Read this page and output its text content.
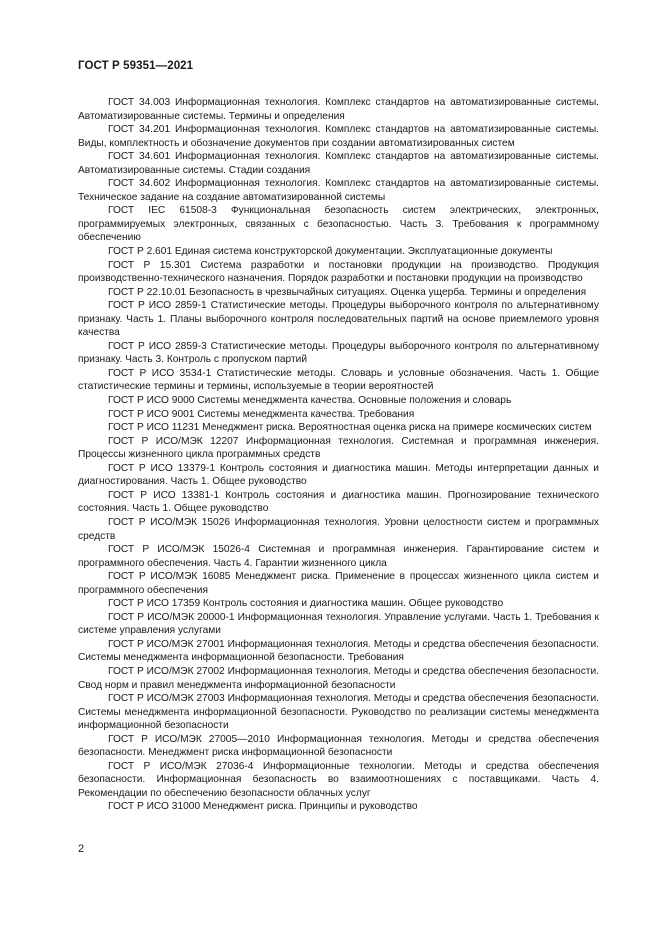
ГОСТ Р 59351—2021

ГОСТ 34.003 Информационная технология. Комплекс стандартов на автоматизированные системы. Автоматизированные системы. Термины и определения

ГОСТ 34.201 Информационная технология. Комплекс стандартов на автоматизированные системы. Виды, комплектность и обозначение документов при создании автоматизированных систем

ГОСТ 34.601 Информационная технология. Комплекс стандартов на автоматизированные системы. Автоматизированные системы. Стадии создания

ГОСТ 34.602 Информационная технология. Комплекс стандартов на автоматизированные системы. Техническое задание на создание автоматизированной системы

ГОСТ IEC 61508-3 Функциональная безопасность систем электрических, электронных, программируемых электронных, связанных с безопасностью. Часть 3. Требования к программному обеспечению

ГОСТ Р 2.601 Единая система конструкторской документации. Эксплуатационные документы

ГОСТ Р 15.301 Система разработки и постановки продукции на производство. Продукция производственно-технического назначения. Порядок разработки и постановки продукции на производство

ГОСТ Р 22.10.01 Безопасность в чрезвычайных ситуациях. Оценка ущерба. Термины и определения

ГОСТ Р ИСО 2859-1 Статистические методы. Процедуры выборочного контроля по альтернативному признаку. Часть 1. Планы выборочного контроля последовательных партий на основе приемлемого уровня качества

ГОСТ Р ИСО 2859-3 Статистические методы. Процедуры выборочного контроля по альтернативному признаку. Часть 3. Контроль с пропуском партий

ГОСТ Р ИСО 3534-1 Статистические методы. Словарь и условные обозначения. Часть 1. Общие статистические термины и термины, используемые в теории вероятностей

ГОСТ Р ИСО 9000 Системы менеджмента качества. Основные положения и словарь

ГОСТ Р ИСО 9001 Системы менеджмента качества. Требования

ГОСТ Р ИСО 11231 Менеджмент риска. Вероятностная оценка риска на примере космических систем

ГОСТ Р ИСО/МЭК 12207 Информационная технология. Системная и программная инженерия. Процессы жизненного цикла программных средств

ГОСТ Р ИСО 13379-1 Контроль состояния и диагностика машин. Методы интерпретации данных и диагностирования. Часть 1. Общее руководство

ГОСТ Р ИСО 13381-1 Контроль состояния и диагностика машин. Прогнозирование технического состояния. Часть 1. Общее руководство

ГОСТ Р ИСО/МЭК 15026 Информационная технология. Уровни целостности систем и программных средств

ГОСТ Р ИСО/МЭК 15026-4 Системная и программная инженерия. Гарантирование систем и программного обеспечения. Часть 4. Гарантии жизненного цикла

ГОСТ Р ИСО/МЭК 16085 Менеджмент риска. Применение в процессах жизненного цикла систем и программного обеспечения

ГОСТ Р ИСО 17359 Контроль состояния и диагностика машин. Общее руководство

ГОСТ Р ИСО/МЭК 20000-1 Информационная технология. Управление услугами. Часть 1. Требования к системе управления услугами

ГОСТ Р ИСО/МЭК 27001 Информационная технология. Методы и средства обеспечения безопасности. Системы менеджмента информационной безопасности. Требования

ГОСТ Р ИСО/МЭК 27002 Информационная технология. Методы и средства обеспечения безопасности. Свод норм и правил менеджмента информационной безопасности

ГОСТ Р ИСО/МЭК 27003 Информационная технология. Методы и средства обеспечения безопасности. Системы менеджмента информационной безопасности. Руководство по реализации системы менеджмента информационной безопасности

ГОСТ Р ИСО/МЭК 27005—2010 Информационная технология. Методы и средства обеспечения безопасности. Менеджмент риска информационной безопасности

ГОСТ Р ИСО/МЭК 27036-4 Информационные технологии. Методы и средства обеспечения безопасности. Информационная безопасность во взаимоотношениях с поставщиками. Часть 4. Рекомендации по обеспечению безопасности облачных услуг

ГОСТ Р ИСО 31000 Менеджмент риска. Принципы и руководство

2
